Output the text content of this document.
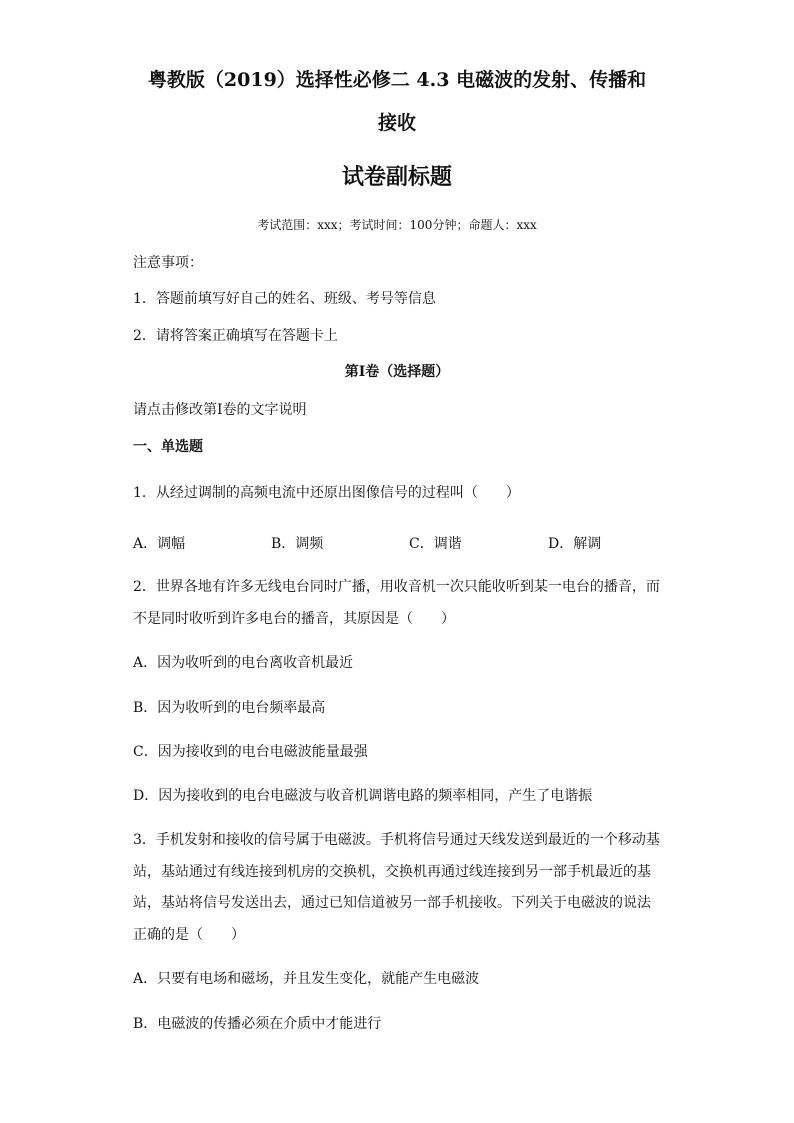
粤教版（2019）选择性必修二 4.3 电磁波的发射、传播和
接收
试卷副标题
考试范围：xxx；考试时间：100分钟；命题人：xxx
注意事项：
1．答题前填写好自己的姓名、班级、考号等信息
2．请将答案正确填写在答题卡上
第I卷（选择题）
请点击修改第I卷的文字说明
一、单选题
1．从经过调制的高频电流中还原出图像信号的过程叫（　　）
A．调幅	B．调频	C．调谐	D．解调
2．世界各地有许多无线电台同时广播，用收音机一次只能收听到某一电台的播音，而
不是同时收听到许多电台的播音，其原因是（　　）
A．因为收听到的电台离收音机最近
B．因为收听到的电台频率最高
C．因为接收到的电台电磁波能量最强
D．因为接收到的电台电磁波与收音机调谐电路的频率相同，产生了电谐振
3．手机发射和接收的信号属于电磁波。手机将信号通过天线发送到最近的一个移动基
站，基站通过有线连接到机房的交换机，交换机再通过线连接到另一部手机最近的基
站，基站将信号发送出去，通过已知信道被另一部手机接收。下列关于电磁波的说法
正确的是（　　）
A．只要有电场和磁场，并且发生变化，就能产生电磁波
B．电磁波的传播必须在介质中才能进行
